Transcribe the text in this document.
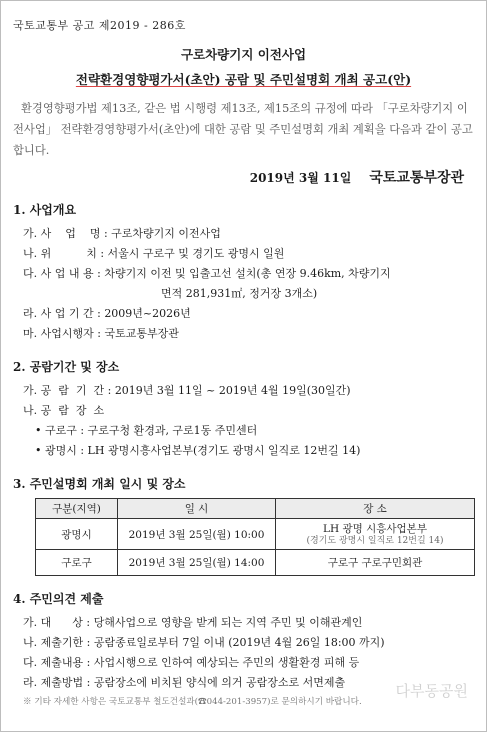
국토교통부 공고 제2019 - 286호
구로차량기지 이전사업
전략환경영향평가서(초안) 공람 및 주민설명회 개최 공고(안)
환경영향평가법 제13조, 같은 법 시행령 제13조, 제15조의 규정에 따라 「구로차량기지 이전사업」 전략환경영향평가서(초안)에 대한 공람 및 주민설명회 개최 계획을 다음과 같이 공고합니다.
2019년 3월 11일 국토교통부장관
1. 사업개요
가. 사    업    명 : 구로차량기지 이전사업
나. 위          치 : 서울시 구로구 및 경기도 광명시 일원
다. 사 업 내 용 : 차량기지 이전 및 입출고선 설치(총 연장 9.46km, 차량기지
면적 281,931㎡, 정거장 3개소)
라. 사 업 기 간 : 2009년~2026년
마. 사업시행자 : 국토교통부장관
2. 공람기간 및 장소
가. 공  람  기  간 : 2019년 3월 11일 ~ 2019년 4월 19일(30일간)
나. 공  람  장  소
• 구로구 : 구로구청 환경과, 구로1동 주민센터
• 광명시 : LH 광명시흥사업본부(경기도 광명시 일직로 12번길 14)
3. 주민설명회 개최 일시 및 장소
구분(지역)	일 시	장 소
광명시	2019년 3월 25일(월) 10:00	LH 광명 시흥사업본부
(경기도 광명시 일직로 12번길 14)

구로구	2019년 3월 25일(월) 14:00	구로구 구로구민회관
4. 주민의견 제출
가. 대      상 : 당해사업으로 영향을 받게 되는 지역 주민 및 이해관계인
나. 제출기한 : 공람종료일로부터 7일 이내 (2019년 4월 26일 18:00 까지)
다. 제출내용 : 사업시행으로 인하여 예상되는 주민의 생활환경 피해 등
라. 제출방법 : 공람장소에 비치된 양식에 의거 공람장소로 서면제출
※ 기타 자세한 사항은 국토교통부 철도건설과(☎044-201-3957)로 문의하시기 바랍니다.
다부동공원
